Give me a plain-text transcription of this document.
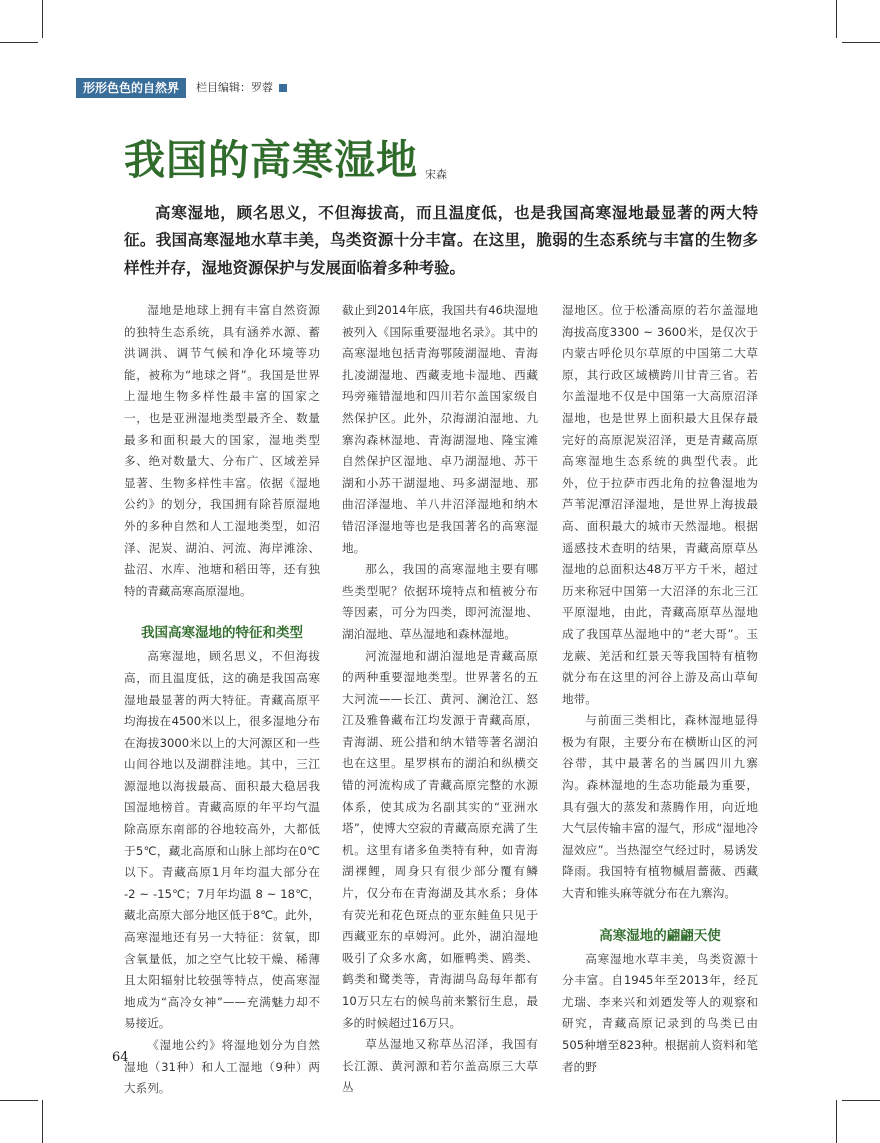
形形色色的自然界	栏目编辑：罗蓉
我国的高寒湿地 宋森

高寒湿地，顾名思义，不但海拔高，而且温度低，也是我国高寒湿地最显著的两大特征。我国高寒湿地水草丰美，鸟类资源十分丰富。在这里，脆弱的生态系统与丰富的生物多样性并存，湿地资源保护与发展面临着多种考验。

湿地是地球上拥有丰富自然资源的独特生态系统，具有涵养水源、蓄洪调洪、调节气候和净化环境等功能，被称为“地球之肾”。我国是世界上湿地生物多样性最丰富的国家之一，也是亚洲湿地类型最齐全、数量最多和面积最大的国家，湿地类型多、绝对数量大、分布广、区域差异显著、生物多样性丰富。依据《湿地公约》的划分，我国拥有除苔原湿地外的多种自然和人工湿地类型，如沼泽、泥炭、湖泊、河流、海岸滩涂、盐沼、水库、池塘和稻田等，还有独特的青藏高寒高原湿地。

我国高寒湿地的特征和类型

高寒湿地，顾名思义，不但海拔高，而且温度低，这的确是我国高寒湿地最显著的两大特征。青藏高原平均海拔在4500米以上，很多湿地分布在海拔3000米以上的大河源区和一些山间谷地以及湖群洼地。其中，三江源湿地以海拔最高、面积最大稳居我国湿地榜首。青藏高原的年平均气温除高原东南部的谷地较高外，大都低于5℃，藏北高原和山脉上部均在0℃以下。青藏高原1月年均温大部分在 -2 ~ -15℃；7月年均温 8 ~ 18℃，藏北高原大部分地区低于8℃。此外，高寒湿地还有另一大特征：贫氧，即含氧量低，加之空气比较干燥、稀薄且太阳辐射比较强等特点，使高寒湿地成为“高冷女神”——充满魅力却不易接近。

《湿地公约》将湿地划分为自然湿地（31种）和人工湿地（9种）两大系列。

截止到2014年底，我国共有46块湿地被列入《国际重要湿地名录》。其中的高寒湿地包括青海鄂陵湖湿地、青海扎凌湖湿地、西藏麦地卡湿地、西藏玛旁雍错湿地和四川若尔盖国家级自然保护区。此外，尕海湖泊湿地、九寨沟森林湿地、青海湖湿地、隆宝滩自然保护区湿地、卓乃湖湿地、苏干湖和小苏干湖湿地、玛多湖湿地、那曲沼泽湿地、羊八井沼泽湿地和纳木错沼泽湿地等也是我国著名的高寒湿地。

那么，我国的高寒湿地主要有哪些类型呢？依据环境特点和植被分布等因素，可分为四类，即河流湿地、湖泊湿地、草丛湿地和森林湿地。

河流湿地和湖泊湿地是青藏高原的两种重要湿地类型。世界著名的五大河流——长江、黄河、澜沧江、怒江及雅鲁藏布江均发源于青藏高原，青海湖、班公措和纳木错等著名湖泊也在这里。星罗棋布的湖泊和纵横交错的河流构成了青藏高原完整的水源体系，使其成为名副其实的“亚洲水塔”，使博大空寂的青藏高原充满了生机。这里有诸多鱼类特有种，如青海湖裸鲤，周身只有很少部分覆有鳞片，仅分布在青海湖及其水系；身体有荧光和花色斑点的亚东鲑鱼只见于西藏亚东的卓姆河。此外，湖泊湿地吸引了众多水禽，如雁鸭类、鸥类、鹤类和鹭类等，青海湖鸟岛每年都有10万只左右的候鸟前来繁衍生息，最多的时候超过16万只。

草丛湿地又称草丛沼泽，我国有长江源、黄河源和若尔盖高原三大草丛

湿地区。位于松潘高原的若尔盖湿地海拔高度3300 ~ 3600米，是仅次于内蒙古呼伦贝尔草原的中国第二大草原，其行政区域横跨川甘青三省。若尔盖湿地不仅是中国第一大高原沼泽湿地，也是世界上面积最大且保存最完好的高原泥炭沼泽，更是青藏高原高寒湿地生态系统的典型代表。此外，位于拉萨市西北角的拉鲁湿地为芦苇泥潭沼泽湿地，是世界上海拔最高、面积最大的城市天然湿地。根据遥感技术查明的结果，青藏高原草丛湿地的总面积达48万平方千米，超过历来称冠中国第一大沼泽的东北三江平原湿地，由此，青藏高原草丛湿地成了我国草丛湿地中的“老大哥”。玉龙蕨、羌活和红景天等我国特有植物就分布在这里的河谷上游及高山草甸地带。

与前面三类相比，森林湿地显得极为有限，主要分布在横断山区的河谷带，其中最著名的当属四川九寨沟。森林湿地的生态功能最为重要，具有强大的蒸发和蒸腾作用，向近地大气层传输丰富的湿气，形成“湿地冷湿效应”。当热湿空气经过时，易诱发降雨。我国特有植物槭眉薔薇、西藏大青和锥头麻等就分布在九寨沟。

高寒湿地的翩翩天使

高寒湿地水草丰美，鸟类资源十分丰富。自1945年至2013年，经瓦尤瑞、李来兴和刘廼发等人的观察和研究，青藏高原记录到的鸟类已由505种增至823种。根据前人资料和笔者的野

64
